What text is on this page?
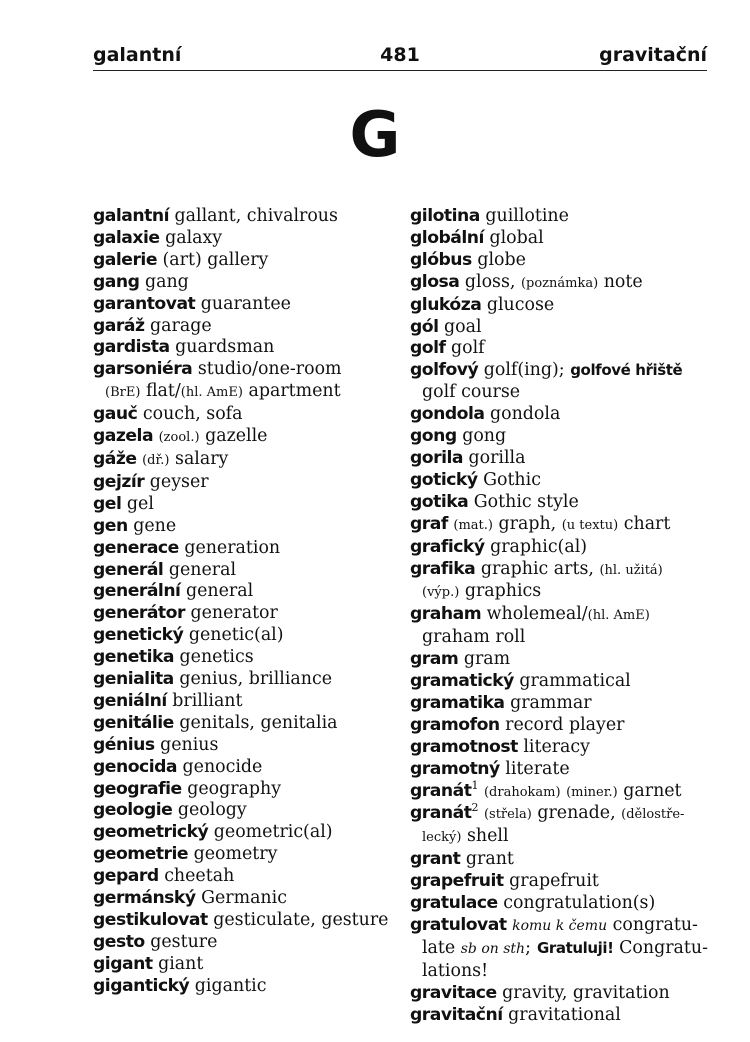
galantní	481	gravitační
G

galantní gallant, chivalrous

galaxie galaxy

galerie (art) gallery

gang gang

garantovat guarantee

garáž garage

gardista guardsman

garsoniéra studio/one-room

(BrE) flat/(hl. AmE) apartment

gauč couch, sofa

gazela (zool.) gazelle

gáže (dř.) salary

gejzír geyser

gel gel

gen gene

generace generation

generál general

generální general

generátor generator

genetický genetic(al)

genetika genetics

genialita genius, brilliance

geniální brilliant

genitálie genitals, genitalia

génius genius

genocida genocide

geografie geography

geologie geology

geometrický geometric(al)

geometrie geometry

gepard cheetah

germánský Germanic

gestikulovat gesticulate, gesture

gesto gesture

gigant giant

gigantický gigantic

gilotina guillotine

globální global

glóbus globe

glosa gloss, (poznámka) note

glukóza glucose

gól goal

golf golf

golfový golf(ing); golfové hřiště

golf course

gondola gondola

gong gong

gorila gorilla

gotický Gothic

gotika Gothic style

graf (mat.) graph, (u textu) chart

grafický graphic(al)

grafika graphic arts, (hl. užitá)

(výp.) graphics

graham wholemeal/(hl. AmE)

graham roll

gram gram

gramatický grammatical

gramatika grammar

gramofon record player

gramotnost literacy

gramotný literate

granát$^1$ (drahokam) (miner.) garnet

granát$^2$ (střela) grenade, (dělostře-

lecký) shell

grant grant

grapefruit grapefruit

gratulace congratulation(s)

gratulovat komu k čemu congratu-

late sb on sth; Gratuluji! Congratu-

lations!

gravitace gravity, gravitation

gravitační gravitational
